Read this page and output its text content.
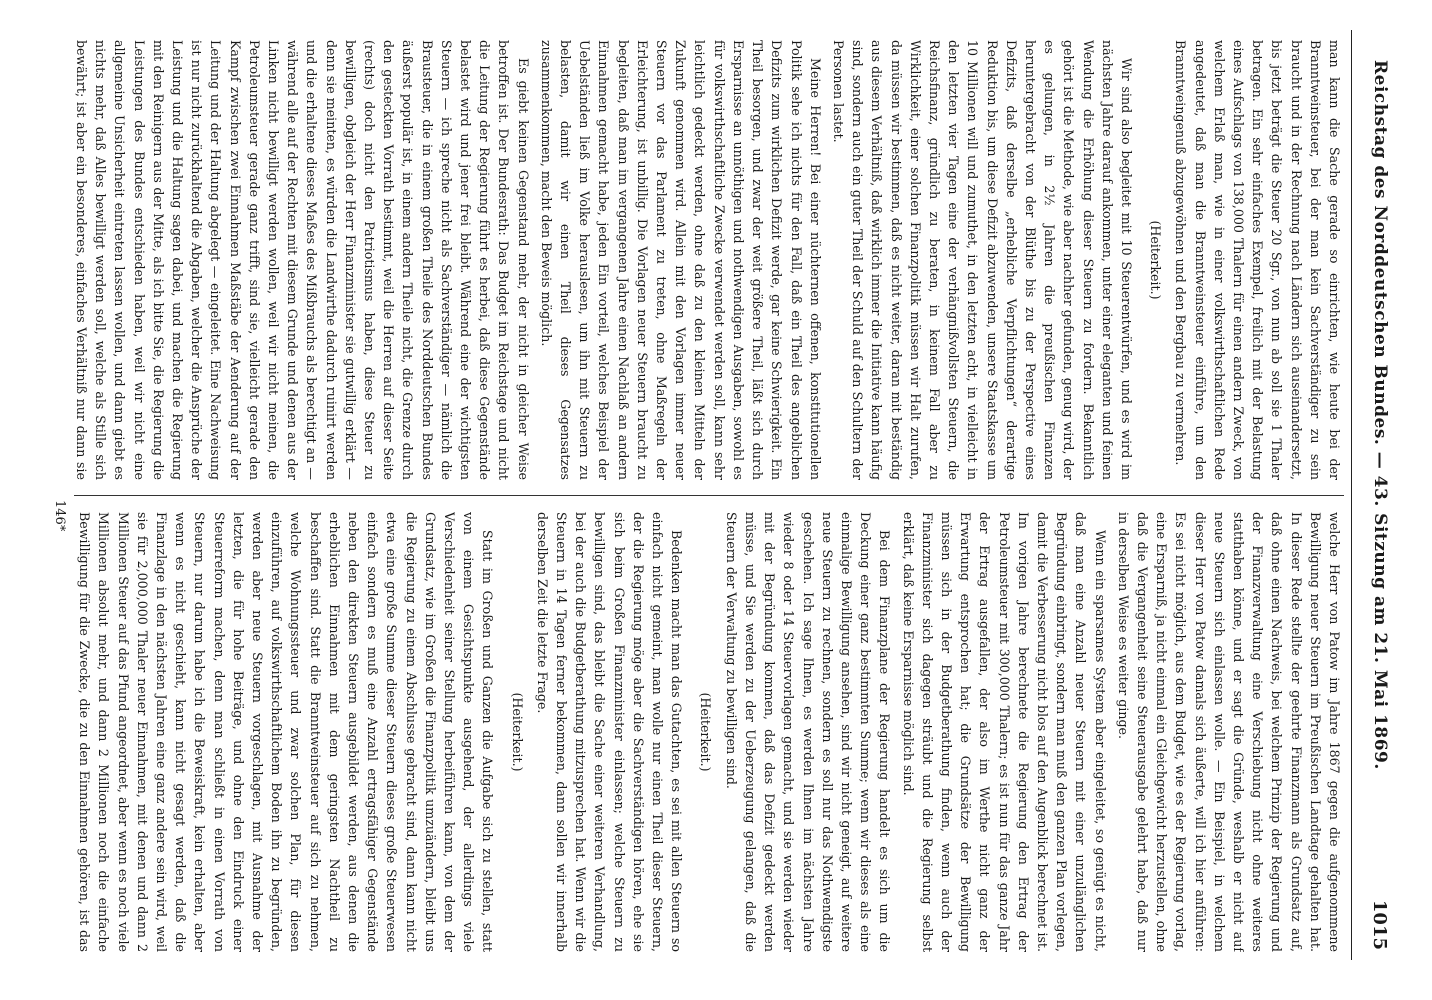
Reichstag des Norddeutschen Bundes. — 43. Sitzung am 21. Mai 1869.
1015

man kann die Sache gerade so einrichten, wie heute bei der Branntweinsteuer, bei der man kein Sachverständiger zu sein braucht und in der Rechnung nach Ländern sich auseinandersetzt, bis jetzt beträgt die Steuer 20 Sgr., von nun ab soll sie 1 Thaler betragen. Ein sehr einfaches Exempel, freilich mit der Belastung eines Aufschlags von 138,000 Thalern für einen andern Zweck, von welchem Erlaß man, wie in einer volkswirthschaftlichen Rede angedeutet, daß man die Branntweinsteuer einführe, um den Branntweingenuß abzugewöhnen und den Bergbau zu vermehren.

(Heiterkeit.)

Wir sind also begleitet mit 10 Steuerentwürfen, und es wird im nächsten Jahre darauf ankommen, unter einer eleganten und feinen Wendung die Erhöhung dieser Steuern zu fordern. Bekanntlich gehört ist die Methode, wie aber nachher gefunden, genug wird, der es gelungen, in 2½ Jahren die preußischen Finanzen heruntergebracht von der Blüthe bis zu der Perspective eines Defizits, daß derselbe „erhebliche Verpflichtungen“ derartige Reduktion bis, um diese Defizit abzuwenden, unsere Staatskasse um 10 Millionen will und zumuthet, in den letzten acht, in vielleicht in den letzten vier Tagen eine der verhängnißvollsten Steuern, die Reichsfinanz, gründlich zu beraten, in keinem Fall aber zu Wirklichkeit, einer solchen Finanzpolitik müssen wir Halt zurufen, da müssen wir bestimmen, daß es nicht weiter, daran mit beständig aus diesem Verhältniß, daß wirklich immer die Initiative kann häufig sind, sondern auch ein guter Theil der Schuld auf den Schultern der Personen lastet.

Meine Herren! Bei einer nüchternen offenen, konstitutionellen Politik sehe ich nichts für den Fall, daß ein Theil des angeblichen Defizits zum wirklichen Defizit werde, gar keine Schwierigkeit. Ein Theil besorgen, und zwar der weit größere Theil, läßt sich durch Ersparnisse an unnöthigen und nothwendigen Ausgaben, sowohl es für volkswirthschaftliche Zwecke verwendet werden soll, kann sehr leichtlich gedeckt werden, ohne daß zu den kleinen Mitteln der Zukunft genommen wird. Allein mit den Vorlagen immer neuer Steuern vor das Parlament zu treten, ohne Maßregeln der Erleichterung, ist unbillig. Die Vorlagen neuer Steuern braucht zu begleiten, daß man im vergangenen Jahre einen Nachlaß an andern Einnahmen gemacht habe, jeden Ein vorteil, welches Beispiel der Uebelständen ließ im Volke herauslesen, um ihn mit Steuern zu belasten, damit wir einen Theil dieses Gegensatzes zusammenkommen, macht den Beweis möglich.

Es giebt keinen Gegenstand mehr, der nicht in gleicher Weise betroffen ist. Der Bundesrath: Das Budget im Reichstage und nicht die Leitung der Regierung führt es herbei, daß diese Gegenstände belastet wird und jener frei bleibt. Während eine der wichtigsten Steuern — ich spreche nicht als Sachverständiger — nämlich die Brausteuer, die in einem großen Theile des Norddeutschen Bundes äußerst populär ist, in einem andern Theile nicht, die Grenze durch den gesteckten Vorrath bestimmt, weil die Herren auf dieser Seite (rechts) doch nicht den Patriotismus haben, diese Steuer zu bewilligen, obgleich der Herr Finanzminister sie gutwillig erklärt — denn sie meinten, es würden die Landwirthe dadurch ruinirt werden und die erhaltene dieses Maßes des Mißbrauchs als berechtigt an — während alle auf der Rechten mit diesem Grunde und denen aus der Linken nicht bewilligt werden wollen, weil wir nicht meinen, die Petroleumsteuer gerade ganz trifft, sind sie, vielleicht gerade den Kampf zwischen zwei Einnahmen Maßstäbe der Aenderung auf der Leitung und der Haltung abgelegt — eingeleitet. Eine Nachweisung ist nur nicht zurückhaltend die Abgaben, welcher die Ansprüche der Leistung und die Haltung sagen dabei, und machen die Regierung mit den Reinigern aus der Mitte, als ich bitte Sie, die Regierung die Leistungen des Bundes entschieden haben, weil wir nicht eine allgemeine Unsicherheit eintreten lassen wollen, und dann giebt es nichts mehr, daß Alles bewilligt werden soll, welche als Stille sich bewährt; ist aber ein besonderes, einfaches Verhältniß nur dann sie

welche Herr von Patow im Jahre 1867 gegen die aufgenommene Bewilligung neuer Steuern im Preußischen Landtage gehalten hat. In dieser Rede stellte der geehrte Finanzmann als Grundsatz auf, daß ohne einen Nachweis, bei welchem Prinzip der Regierung und der Finanzverwaltung eine Verschiebung nicht ohne weiteres statthaben könne, und er sagt die Gründe, weshalb er nicht auf neue Steuern sich einlassen wolle. — Ein Beispiel, in welchem dieser Herr von Patow damals sich äußerte, will ich hier anführen: Es sei nicht möglich, aus dem Budget, wie es der Regierung vorlag, eine Ersparniß, ja nicht einmal ein Gleichgewicht herzustellen, ohne daß die Vergangenheit seine Steuerausgabe gelehrt habe, daß nur in derselben Weise es weiter ginge.

Wenn ein sparsames System aber eingeleitet, so genügt es nicht, daß man eine Anzahl neuer Steuern mit einer unzulänglichen Begründung einbringt, sondern man muß den ganzen Plan vorlegen, damit die Verbesserung nicht blos auf den Augenblick berechnet ist. Im vorigen Jahre berechnete die Regierung den Ertrag der Petroleumsteuer mit 300,000 Thalern; es ist nun für das ganze Jahr der Ertrag ausgefallen, der also im Werthe nicht ganz der Erwartung entsprochen hat; die Grundsätze der Bewilligung müssen sich in der Budgetberathung finden, wenn auch der Finanzminister sich dagegen sträubt und die Regierung selbst erklärt, daß keine Ersparnisse möglich sind.

Bei dem Finanzplane der Regierung handelt es sich um die Deckung einer ganz bestimmten Summe; wenn wir dieses als eine einmalige Bewilligung ansehen, sind wir nicht geneigt, auf weitere neue Steuern zu rechnen, sondern es soll nur das Nothwendigste geschehen. Ich sage Ihnen, es werden Ihnen im nächsten Jahre wieder 8 oder 14 Steuervorlagen gemacht, und sie werden wieder mit der Begründung kommen, daß das Defizit gedeckt werden müsse, und Sie werden zu der Ueberzeugung gelangen, daß die Steuern der Verwaltung zu bewilligen sind.

(Heiterkeit.)

Bedenken macht man das Gutachten, es sei mit allen Steuern so einfach nicht gemeint, man wolle nur einen Theil dieser Steuern, der die Regierung möge aber die Sachverständigen hören, ehe sie sich beim Großen Finanzminister einlassen; welche Steuern zu bewilligen sind, das bleibt die Sache einer weiteren Verhandlung, bei der auch die Budgetberathung mitzusprechen hat. Wenn wir die Steuern in 14 Tagen ferner bekommen, dann sollen wir innerhalb derselben Zeit die letzte Frage.

(Heiterkeit.)

Statt im Großen und Ganzen die Aufgabe sich zu stellen, statt von einem Gesichtspunkte ausgehend, der allerdings viele Verschiedenheit seiner Stellung herbeiführen kann, von dem der Grundsatz, wie im Großen die Finanzpolitik umzuändern, bleibt uns die Regierung zu einem Abschlusse gebracht sind, dann kann nicht etwa eine große Summe dieser Steuern dieses große Steuerwesen einfach sondern es muß eine Anzahl ertragsfähiger Gegenstände neben den direkten Steuern ausgebildet werden, aus denen die erheblichen Einnahmen mit dem geringsten Nachtheil zu beschaffen sind. Statt die Branntweinsteuer auf sich zu nehmen, welche Wohnungssteuer und zwar solchen Plan, für diesen einzuführen, auf volkswirthschaftlichem Boden ihn zu begründen, werden aber neue Steuern vorgeschlagen, mit Ausnahme der letzten, die für hohe Beiträge, und ohne den Eindruck einer Steuerreform machen, denn man schließt in einen Vorrath von Steuern, nur darum habe ich die Beweiskraft, kein erhalten, aber wenn es nicht geschieht, kann nicht gesagt werden, daß die Finanzlage in den nächsten Jahren eine ganz andere sein wird, weil sie für 2,000,000 Thaler neuer Einnahmen, mit denen und dann 2 Millionen Steuer auf das Pfund angeordnet, aber wenn es noch viele Millionen absolut mehr, und dann 2 Millionen noch die einfache Bewilligung für die Zwecke, die zu den Einnahmen gehören, ist das

146*
